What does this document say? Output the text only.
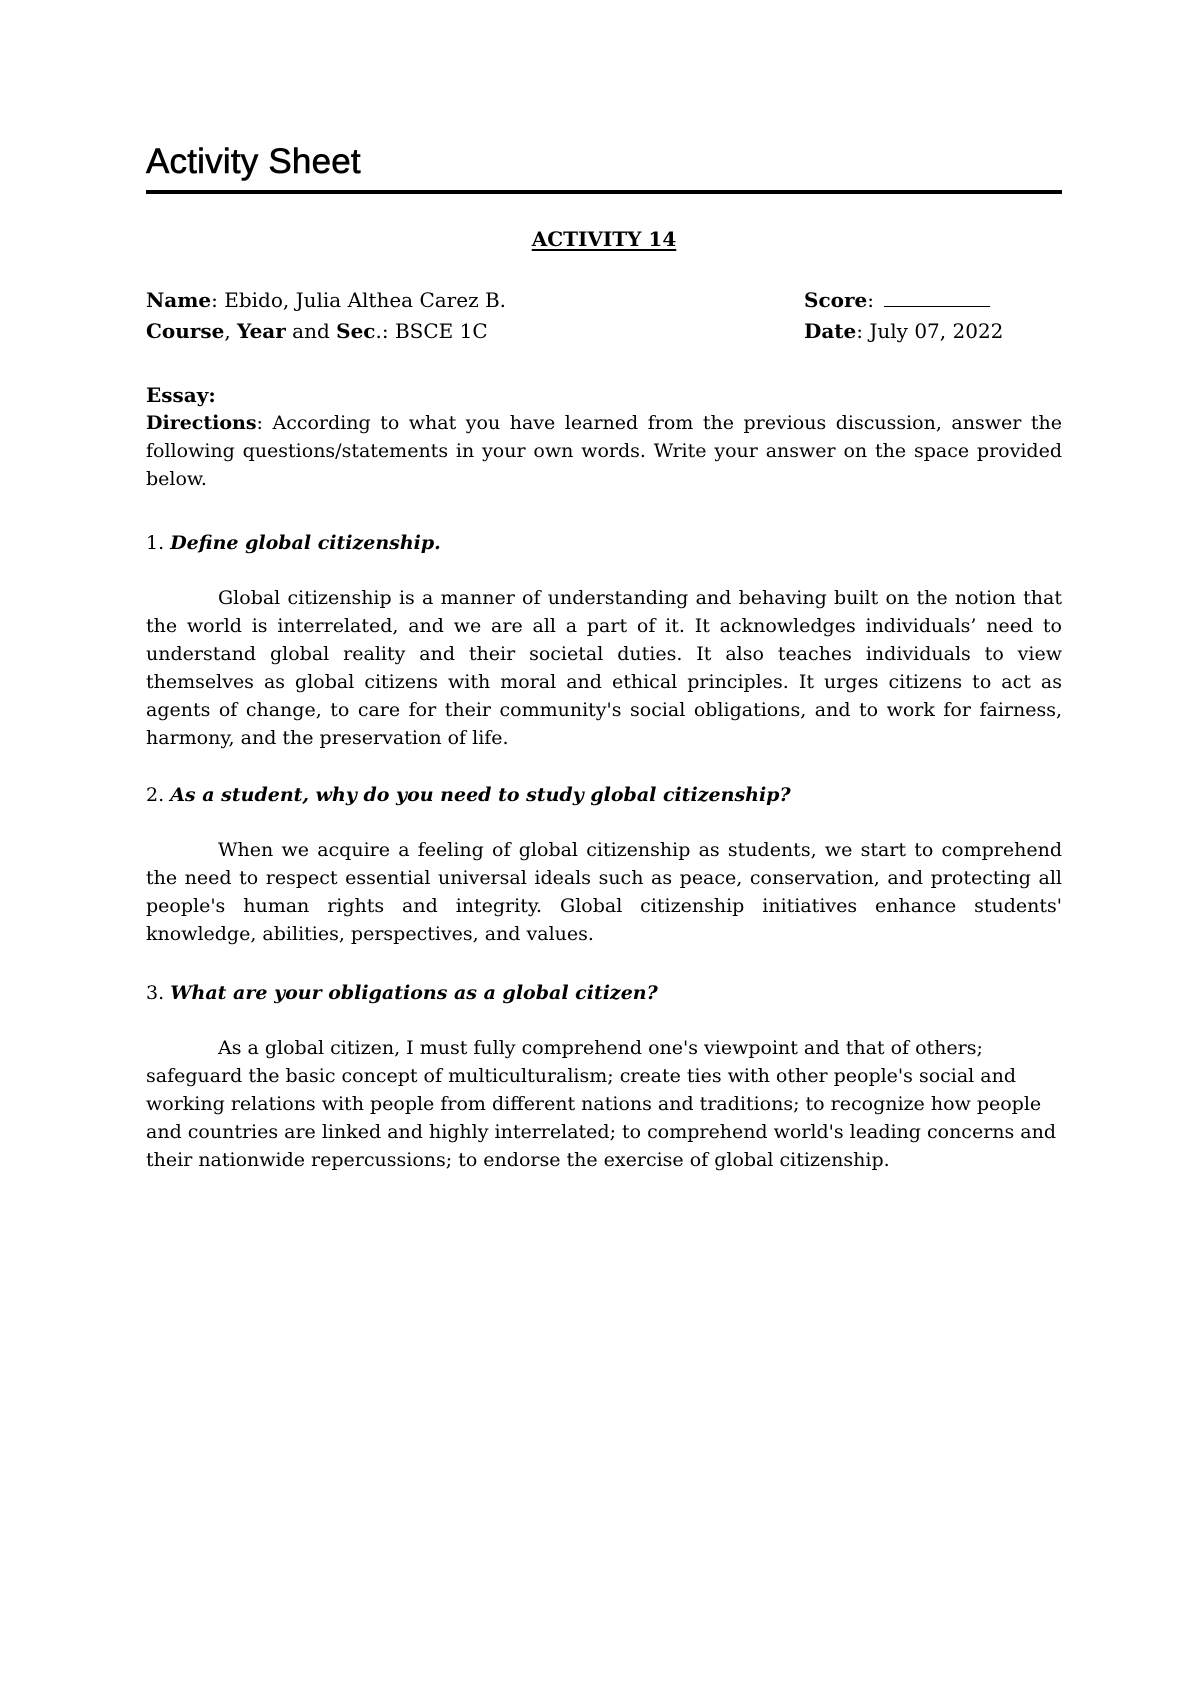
Activity Sheet
ACTIVITY 14
Name: Ebido, Julia Althea Carez B.	Score:
Course, Year and Sec.: BSCE 1C	Date: July 07, 2022
Essay:
Directions: According to what you have learned from the previous discussion, answer the following questions/statements in your own words. Write your answer on the space provided below.
1. Define global citizenship.
Global citizenship is a manner of understanding and behaving built on the notion that the world is interrelated, and we are all a part of it. It acknowledges individuals’ need to understand global reality and their societal duties. It also teaches individuals to view themselves as global citizens with moral and ethical principles. It urges citizens to act as agents of change, to care for their community's social obligations, and to work for fairness, harmony, and the preservation of life.
2. As a student, why do you need to study global citizenship?
When we acquire a feeling of global citizenship as students, we start to comprehend the need to respect essential universal ideals such as peace, conservation, and protecting all people's human rights and integrity. Global citizenship initiatives enhance students' knowledge, abilities, perspectives, and values.
3. What are your obligations as a global citizen?
As a global citizen, I must fully comprehend one's viewpoint and that of others; safeguard the basic concept of multiculturalism; create ties with other people's social and working relations with people from different nations and traditions; to recognize how people and countries are linked and highly interrelated; to comprehend world's leading concerns and their nationwide repercussions; to endorse the exercise of global citizenship.
